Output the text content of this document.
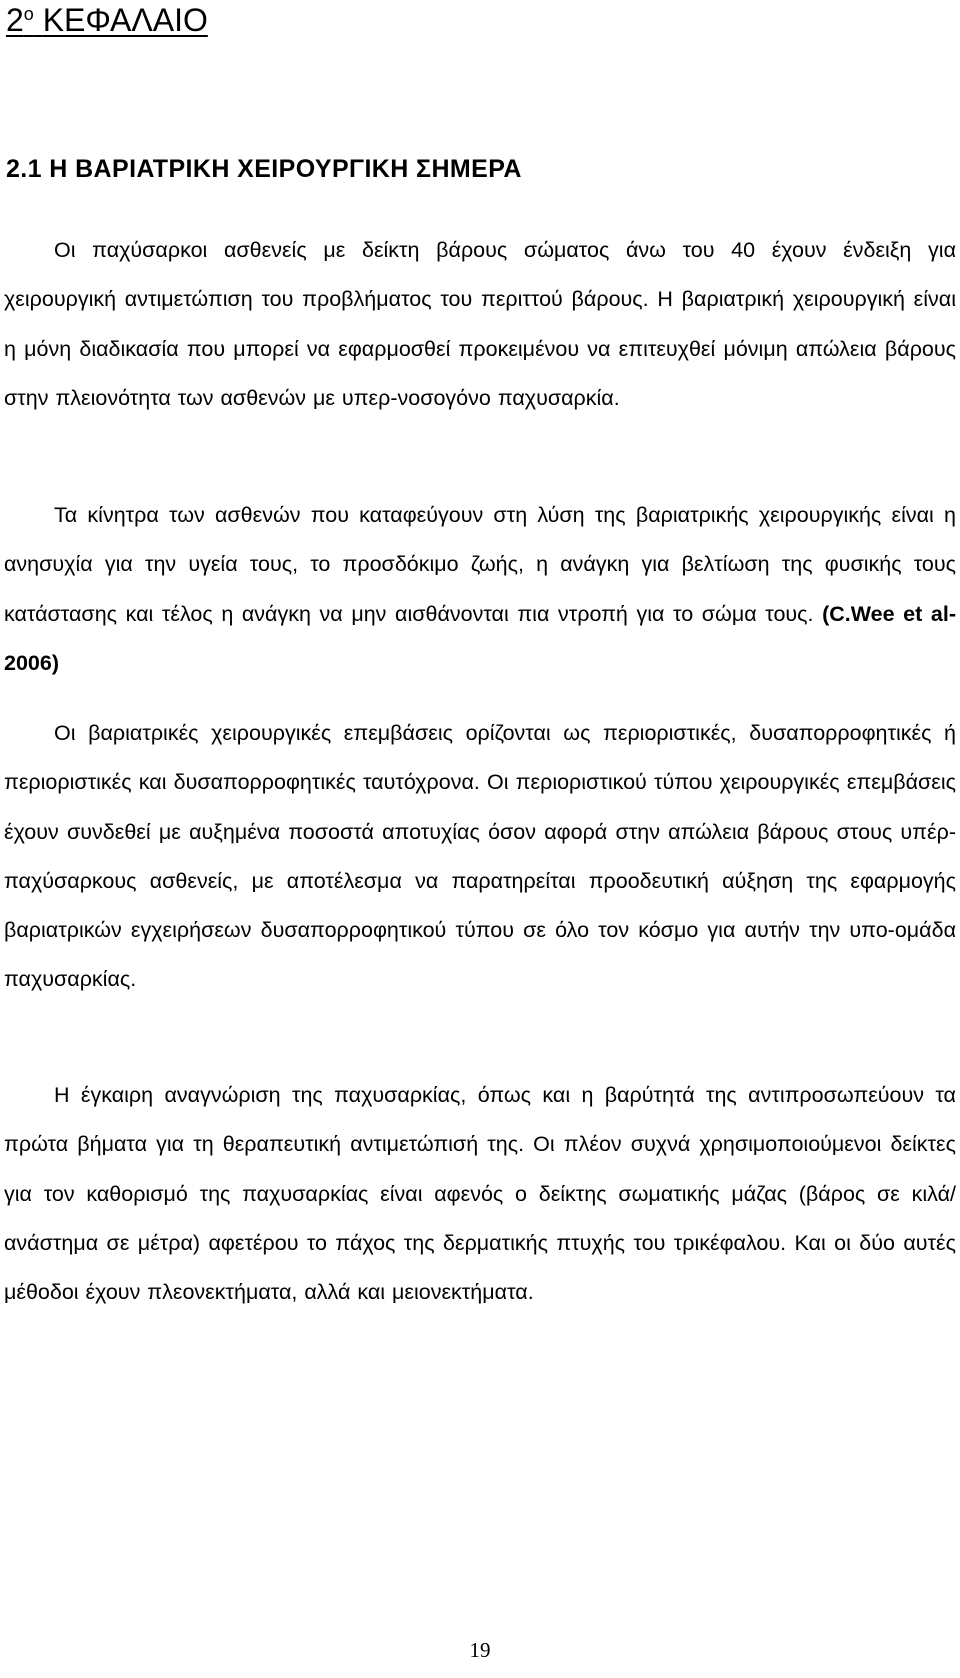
$2^o$ ΚΕΦΑΛΑΙΟ
2.1 Η ΒΑΡΙΑΤΡΙΚΗ ΧΕΙΡΟΥΡΓΙΚΗ ΣΗΜΕΡΑ

Οι παχύσαρκοι ασθενείς με δείκτη βάρους σώματος άνω του 40 έχουν ένδειξη για χειρουργική αντιμετώπιση του προβλήματος του περιττού βάρους. Η βαριατρική χειρουργική είναι η μόνη διαδικασία που μπορεί να εφαρμοσθεί προκειμένου να επιτευχθεί μόνιμη απώλεια βάρους στην πλειονότητα των ασθενών με υπερ-νοσογόνο παχυσαρκία.

Τα κίνητρα των ασθενών που καταφεύγουν στη λύση της βαριατρικής χειρουργικής είναι η ανησυχία για την υγεία τους, το προσδόκιμο ζωής, η ανάγκη για βελτίωση της φυσικής τους κατάστασης και τέλος η ανάγκη να μην αισθάνονται πια ντροπή για το σώμα τους. (C.Wee et al-2006)

Οι βαριατρικές χειρουργικές επεμβάσεις ορίζονται ως περιοριστικές, δυσαπορροφητικές ή περιοριστικές και δυσαπορροφητικές ταυτόχρονα. Οι περιοριστικού τύπου χειρουργικές επεμβάσεις έχουν συνδεθεί με αυξημένα ποσοστά αποτυχίας όσον αφορά στην απώλεια βάρους στους υπέρ-παχύσαρκους ασθενείς, με αποτέλεσμα να παρατηρείται προοδευτική αύξηση της εφαρμογής βαριατρικών εγχειρήσεων δυσαπορροφητικού τύπου σε όλο τον κόσμο για αυτήν την υπο-ομάδα παχυσαρκίας.

Η έγκαιρη αναγνώριση της παχυσαρκίας, όπως και η βαρύτητά της αντιπροσωπεύουν τα πρώτα βήματα για τη θεραπευτική αντιμετώπισή της. Οι πλέον συχνά χρησιμοποιούμενοι δείκτες για τον καθορισμό της παχυσαρκίας είναι αφενός ο δείκτης σωματικής μάζας (βάρος σε κιλά/ανάστημα σε μέτρα) αφετέρου το πάχος της δερματικής πτυχής του τρικέφαλου. Και οι δύο αυτές μέθοδοι έχουν πλεονεκτήματα, αλλά και μειονεκτήματα.

19
